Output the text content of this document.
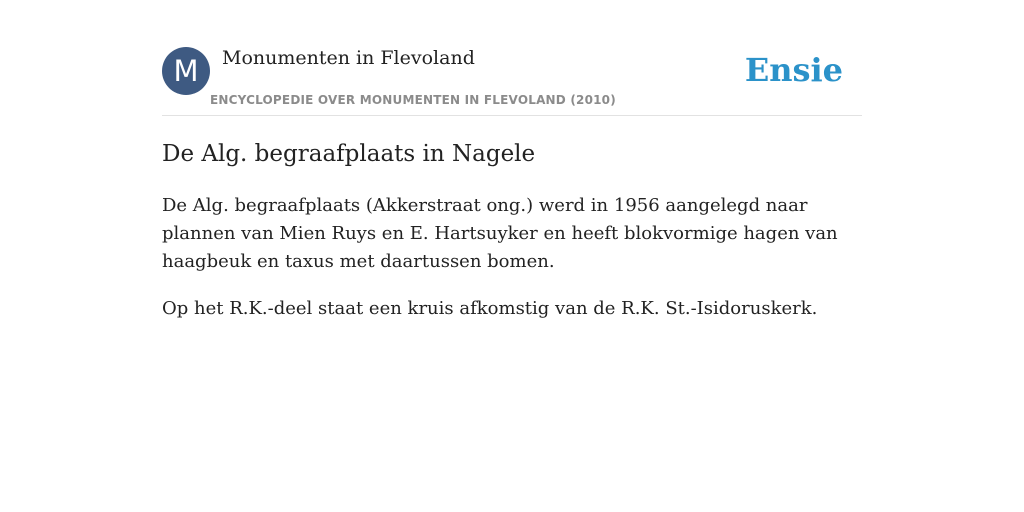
M	Monumenten in Flevoland
ENCYCLOPEDIE OVER MONUMENTEN IN FLEVOLAND (2010)
Ensie
De Alg. begraafplaats in Nagele

De Alg. begraafplaats (Akkerstraat ong.) werd in 1956 aangelegd naar plannen van Mien Ruys en E. Hartsuyker en heeft blokvormige hagen van haagbeuk en taxus met daartussen bomen.

Op het R.K.-deel staat een kruis afkomstig van de R.K. St.-Isidoruskerk.
